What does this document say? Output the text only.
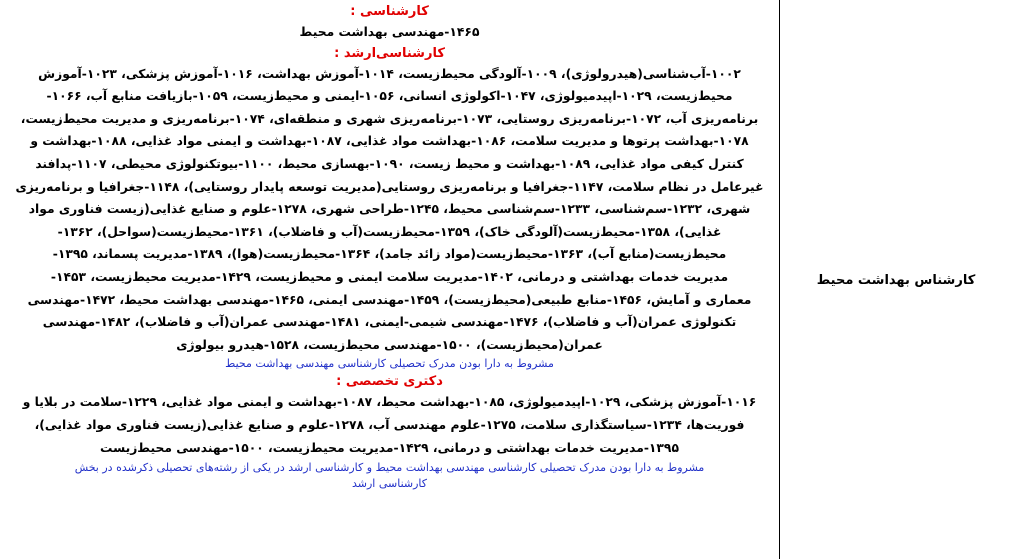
کارشناس بهداشت محیط
کارشناسی :
۱۴۶۵-مهندسی بهداشت محیط
کارشناسی‌ارشد :
۱۰۰۲-آب‌شناسی(هیدرولوژی)، ۱۰۰۹-آلودگی محیط‌زیست، ۱۰۱۴-آموزش بهداشت، ۱۰۱۶-آموزش پزشکی، ۱۰۲۳-آموزش
محیط‌زیست، ۱۰۲۹-اپیدمیولوژی، ۱۰۴۷-اکولوژی انسانی، ۱۰۵۶-ایمنی و محیط‌زیست، ۱۰۵۹-بازیافت منابع آب، ۱۰۶۶-
برنامه‌ریزی آب، ۱۰۷۲-برنامه‌ریزی روستایی، ۱۰۷۳-برنامه‌ریزی شهری و منطقه‌ای، ۱۰۷۴-برنامه‌ریزی و مدیریت محیط‌زیست،
۱۰۷۸-بهداشت پرتوها و مدیریت سلامت، ۱۰۸۶-بهداشت مواد غذایی، ۱۰۸۷-بهداشت و ایمنی مواد غذایی، ۱۰۸۸-بهداشت و
کنترل کیفی مواد غذایی، ۱۰۸۹-بهداشت و محیط زیست، ۱۰۹۰-بهسازی محیط، ۱۱۰۰-بیوتکنولوژی محیطی، ۱۱۰۷-پدافند
غیرعامل در نظام سلامت، ۱۱۴۷-جغرافیا و برنامه‌ریزی روستایی(مدیریت توسعه پایدار روستایی)، ۱۱۴۸-جغرافیا و برنامه‌ریزی
شهری، ۱۲۳۲-سم‌شناسی، ۱۲۳۳-سم‌شناسی محیط، ۱۲۴۵-طراحی شهری، ۱۲۷۸-علوم و صنایع غذایی(زیست فناوری مواد
غذایی)، ۱۳۵۸-محیط‌زیست(آلودگی خاک)، ۱۳۵۹-محیط‌زیست(آب و فاضلاب)، ۱۳۶۱-محیط‌زیست(سواحل)، ۱۳۶۲-
محیط‌زیست(منابع آب)، ۱۳۶۳-محیط‌زیست(مواد زائد جامد)، ۱۳۶۴-محیط‌زیست(هوا)، ۱۳۸۹-مدیریت پسماند، ۱۳۹۵-
مدیریت خدمات بهداشتی و درمانی، ۱۴۰۲-مدیریت سلامت ایمنی و محیط‌زیست، ۱۴۲۹-مدیریت محیط‌زیست، ۱۴۵۳-
معماری و آمایش، ۱۴۵۶-منابع طبیعی(محیط‌زیست)، ۱۴۵۹-مهندسی ایمنی، ۱۴۶۵-مهندسی بهداشت محیط، ۱۴۷۲-مهندسی
تکنولوژی عمران(آب و فاضلاب)، ۱۴۷۶-مهندسی شیمی-ایمنی، ۱۴۸۱-مهندسی عمران(آب و فاضلاب)، ۱۴۸۲-مهندسی
عمران(محیط‌زیست)، ۱۵۰۰-مهندسی محیط‌زیست، ۱۵۲۸-هیدرو بیولوژی
مشروط به دارا بودن مدرک تحصیلی کارشناسی مهندسی بهداشت محیط
دکتری تخصصی :
۱۰۱۶-آموزش پزشکی، ۱۰۲۹-اپیدمیولوژی، ۱۰۸۵-بهداشت محیط، ۱۰۸۷-بهداشت و ایمنی مواد غذایی، ۱۲۲۹-سلامت در بلایا و
فوریت‌ها، ۱۲۳۴-سیاستگذاری سلامت، ۱۲۷۵-علوم مهندسی آب، ۱۲۷۸-علوم و صنایع غذایی(زیست فناوری مواد غذایی)،
۱۳۹۵-مدیریت خدمات بهداشتی و درمانی، ۱۴۲۹-مدیریت محیط‌زیست، ۱۵۰۰-مهندسی محیط‌زیست
مشروط به دارا بودن مدرک تحصیلی کارشناسی مهندسی بهداشت محیط و کارشناسی ارشد در یکی از رشته‌های تحصیلی ذکرشده در بخش
کارشناسی ارشد
